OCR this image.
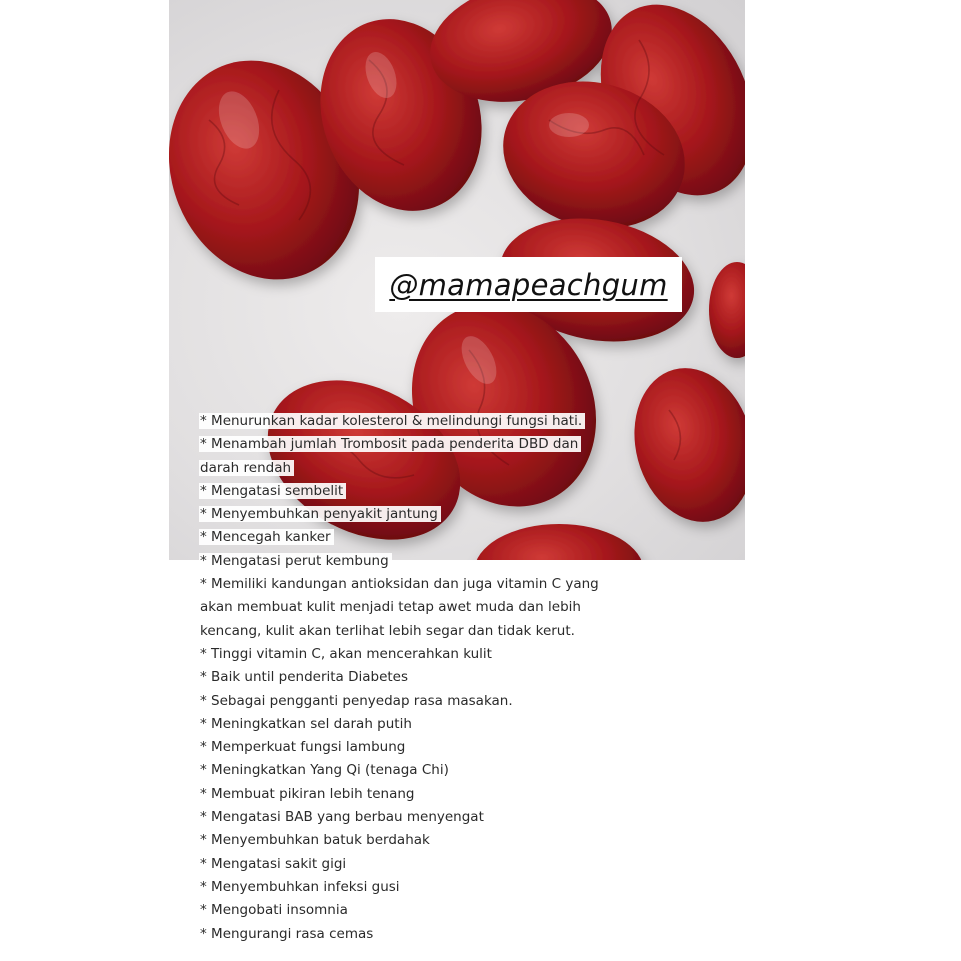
@mamapeachgum
* Menurunkan kadar kolesterol & melindungi fungsi hati.
* Menambah jumlah Trombosit pada penderita DBD dan
darah rendah
* Mengatasi sembelit
* Menyembuhkan penyakit jantung
* Mencegah kanker
* Mengatasi perut kembung
* Memiliki kandungan antioksidan dan juga vitamin C yang
akan membuat kulit menjadi tetap awet muda dan lebih
kencang, kulit akan terlihat lebih segar dan tidak kerut.
* Tinggi vitamin C, akan mencerahkan kulit
* Baik until penderita Diabetes
* Sebagai pengganti penyedap rasa masakan.
* Meningkatkan sel darah putih
* Memperkuat fungsi lambung
* Meningkatkan Yang Qi (tenaga Chi)
* Membuat pikiran lebih tenang
* Mengatasi BAB yang berbau menyengat
* Menyembuhkan batuk berdahak
* Mengatasi sakit gigi
* Menyembuhkan infeksi gusi
* Mengobati insomnia
* Mengurangi rasa cemas
